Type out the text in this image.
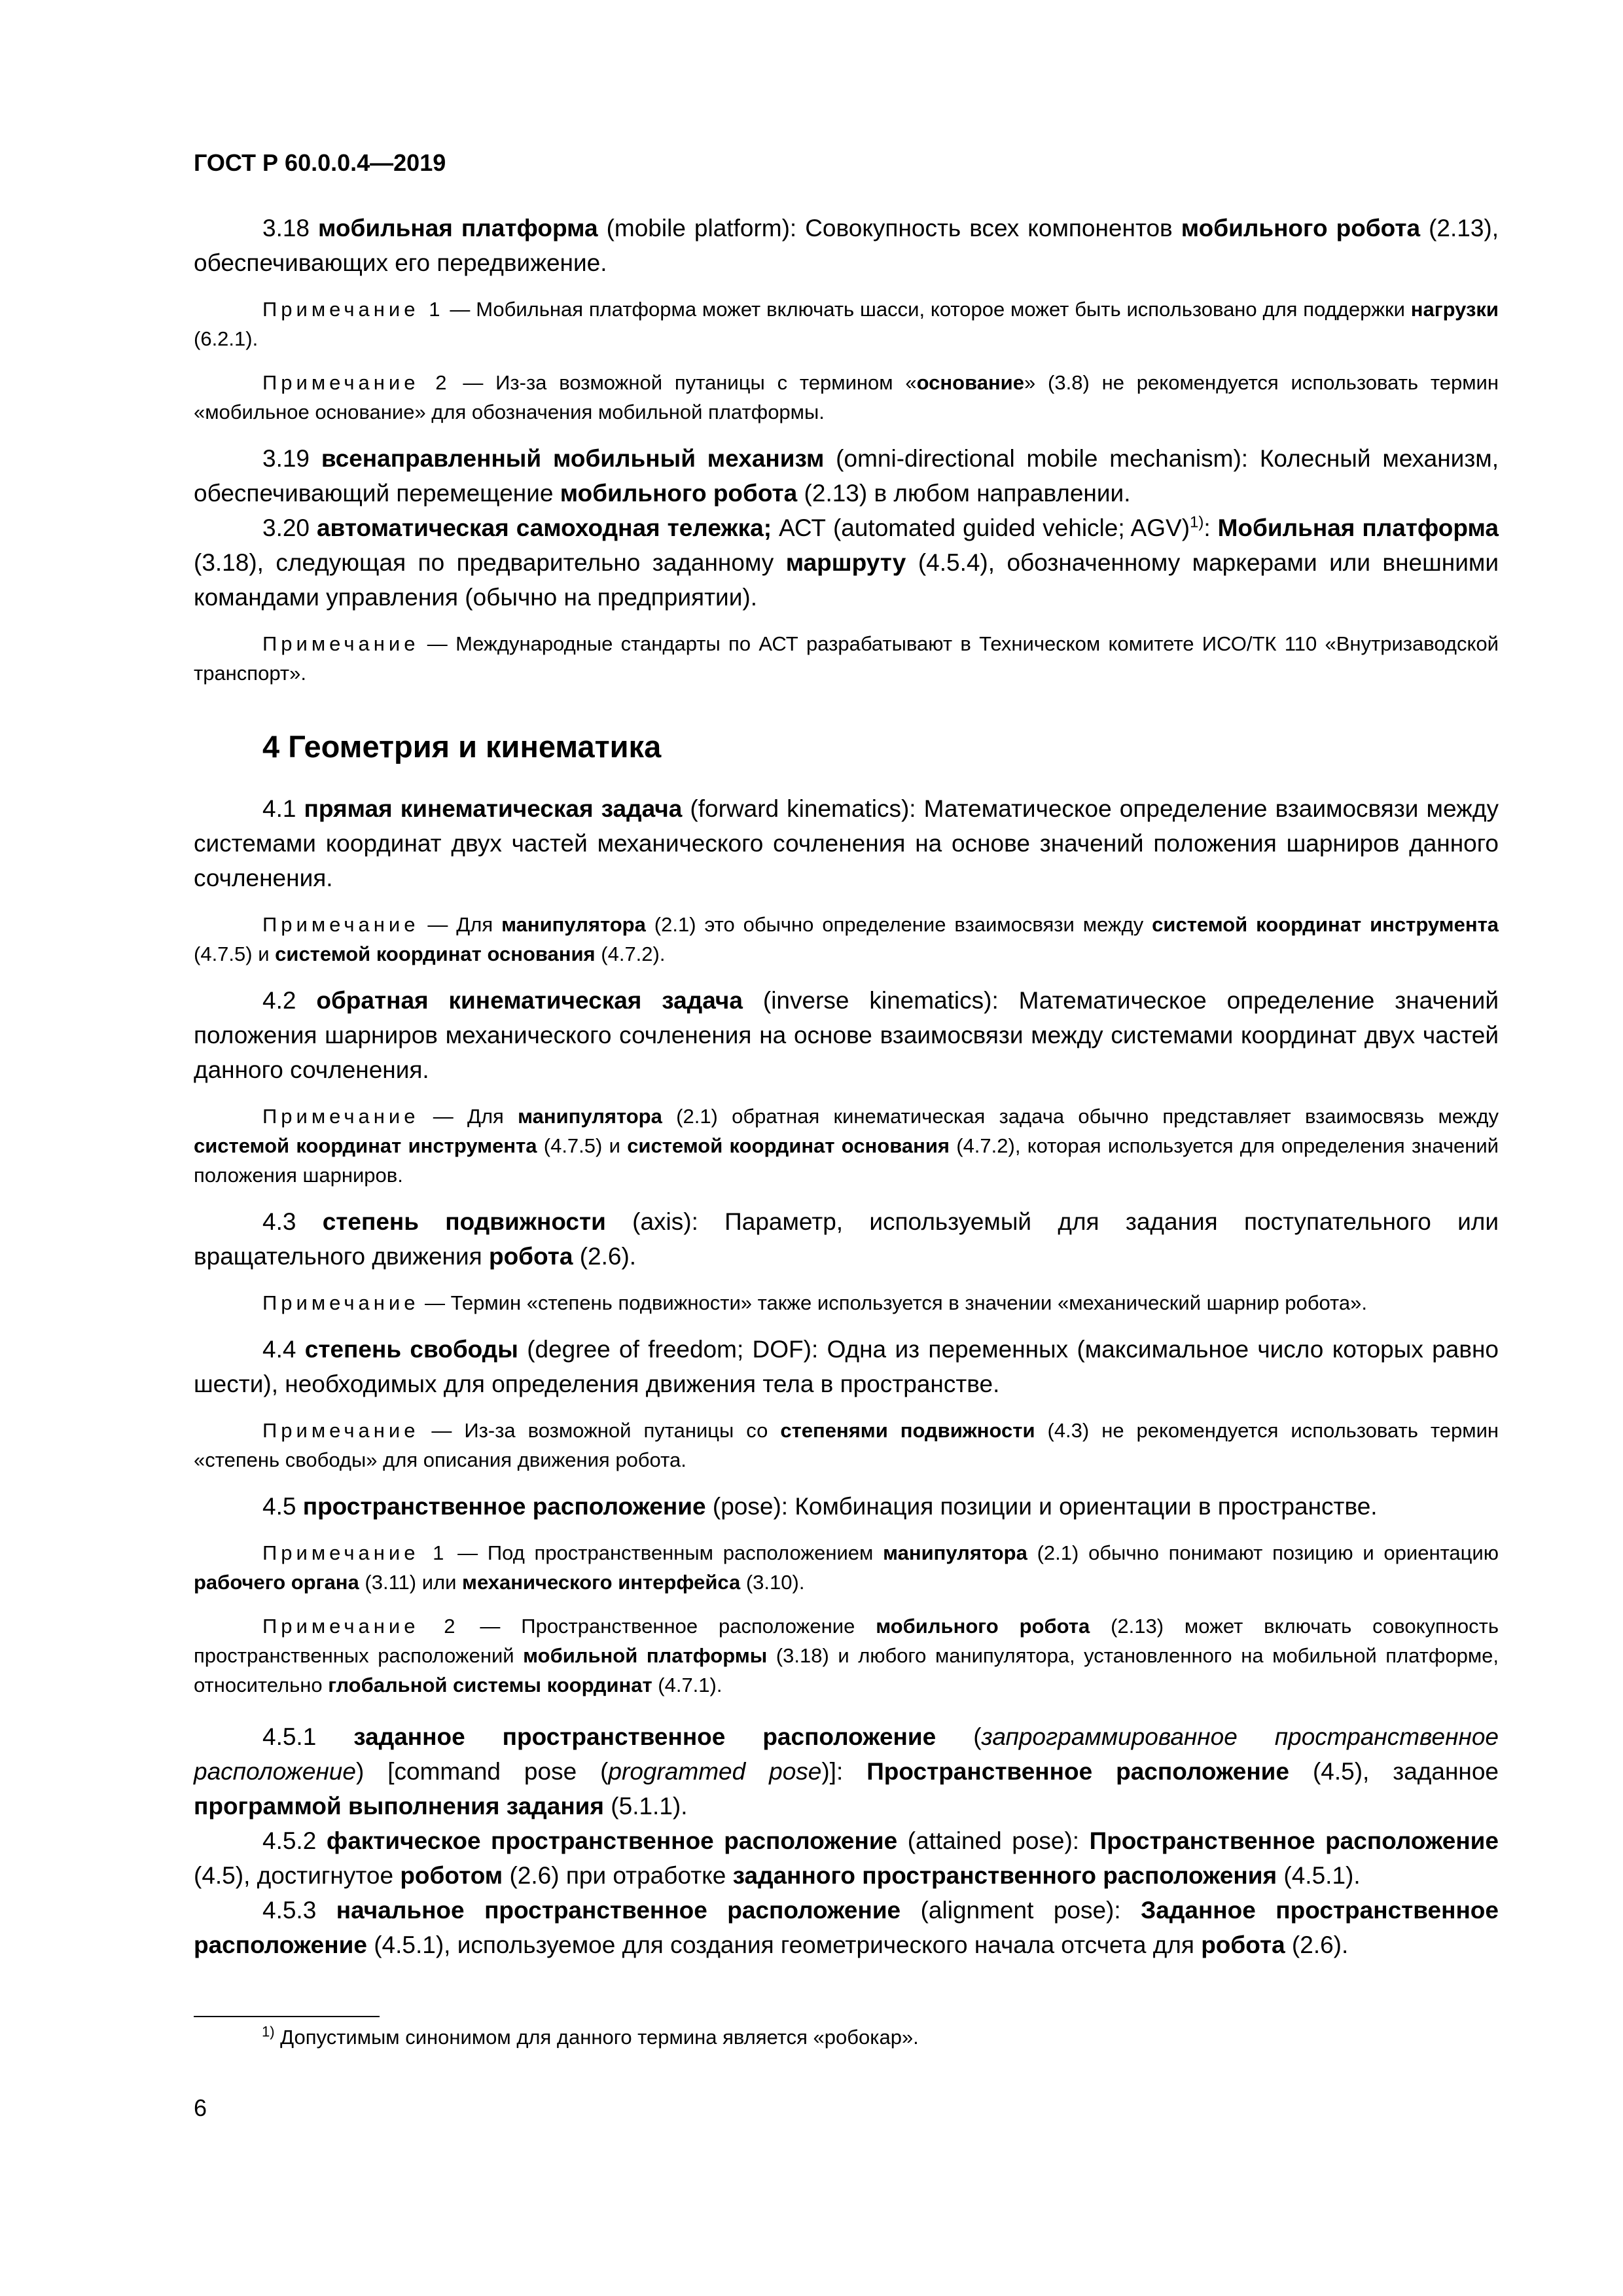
ГОСТ Р 60.0.0.4—2019

3.18 мобильная платформа (mobile platform): Совокупность всех компонентов мобильного робота (2.13), обеспечивающих его передвижение.

Примечание 1 — Мобильная платформа может включать шасси, которое может быть использовано для поддержки нагрузки (6.2.1).

Примечание 2 — Из-за возможной путаницы с термином «основание» (3.8) не рекомендуется использовать термин «мобильное основание» для обозначения мобильной платформы.

3.19 всенаправленный мобильный механизм (omni-directional mobile mechanism): Колесный механизм, обеспечивающий перемещение мобильного робота (2.13) в любом направлении.

3.20 автоматическая самоходная тележка; АСТ (automated guided vehicle; AGV)$^{1)}$: Мобильная платформа (3.18), следующая по предварительно заданному маршруту (4.5.4), обозначенному маркерами или внешними командами управления (обычно на предприятии).

Примечание — Международные стандарты по АСТ разрабатывают в Техническом комитете ИСО/ТК 110 «Внутризаводской транспорт».

4 Геометрия и кинематика

4.1 прямая кинематическая задача (forward kinematics): Математическое определение взаимосвязи между системами координат двух частей механического сочленения на основе значений положения шарниров данного сочленения.

Примечание — Для манипулятора (2.1) это обычно определение взаимосвязи между системой координат инструмента (4.7.5) и системой координат основания (4.7.2).

4.2 обратная кинематическая задача (inverse kinematics): Математическое определение значений положения шарниров механического сочленения на основе взаимосвязи между системами координат двух частей данного сочленения.

Примечание — Для манипулятора (2.1) обратная кинематическая задача обычно представляет взаимосвязь между системой координат инструмента (4.7.5) и системой координат основания (4.7.2), которая используется для определения значений положения шарниров.

4.3 степень подвижности (axis): Параметр, используемый для задания поступательного или вращательного движения робота (2.6).

Примечание — Термин «степень подвижности» также используется в значении «механический шарнир робота».

4.4 степень свободы (degree of freedom; DOF): Одна из переменных (максимальное число которых равно шести), необходимых для определения движения тела в пространстве.

Примечание — Из-за возможной путаницы со степенями подвижности (4.3) не рекомендуется использовать термин «степень свободы» для описания движения робота.

4.5 пространственное расположение (pose): Комбинация позиции и ориентации в пространстве.

Примечание 1 — Под пространственным расположением манипулятора (2.1) обычно понимают позицию и ориентацию рабочего органа (3.11) или механического интерфейса (3.10).

Примечание 2 — Пространственное расположение мобильного робота (2.13) может включать совокупность пространственных расположений мобильной платформы (3.18) и любого манипулятора, установленного на мобильной платформе, относительно глобальной системы координат (4.7.1).

4.5.1 заданное пространственное расположение (запрограммированное пространственное расположение) [command pose (programmed pose)]: Пространственное расположение (4.5), заданное программой выполнения задания (5.1.1).

4.5.2 фактическое пространственное расположение (attained pose): Пространственное расположение (4.5), достигнутое роботом (2.6) при отработке заданного пространственного расположения (4.5.1).

4.5.3 начальное пространственное расположение (alignment pose): Заданное пространственное расположение (4.5.1), используемое для создания геометрического начала отсчета для робота (2.6).

$^{1)}$ Допустимым синонимом для данного термина является «робокар».
6
